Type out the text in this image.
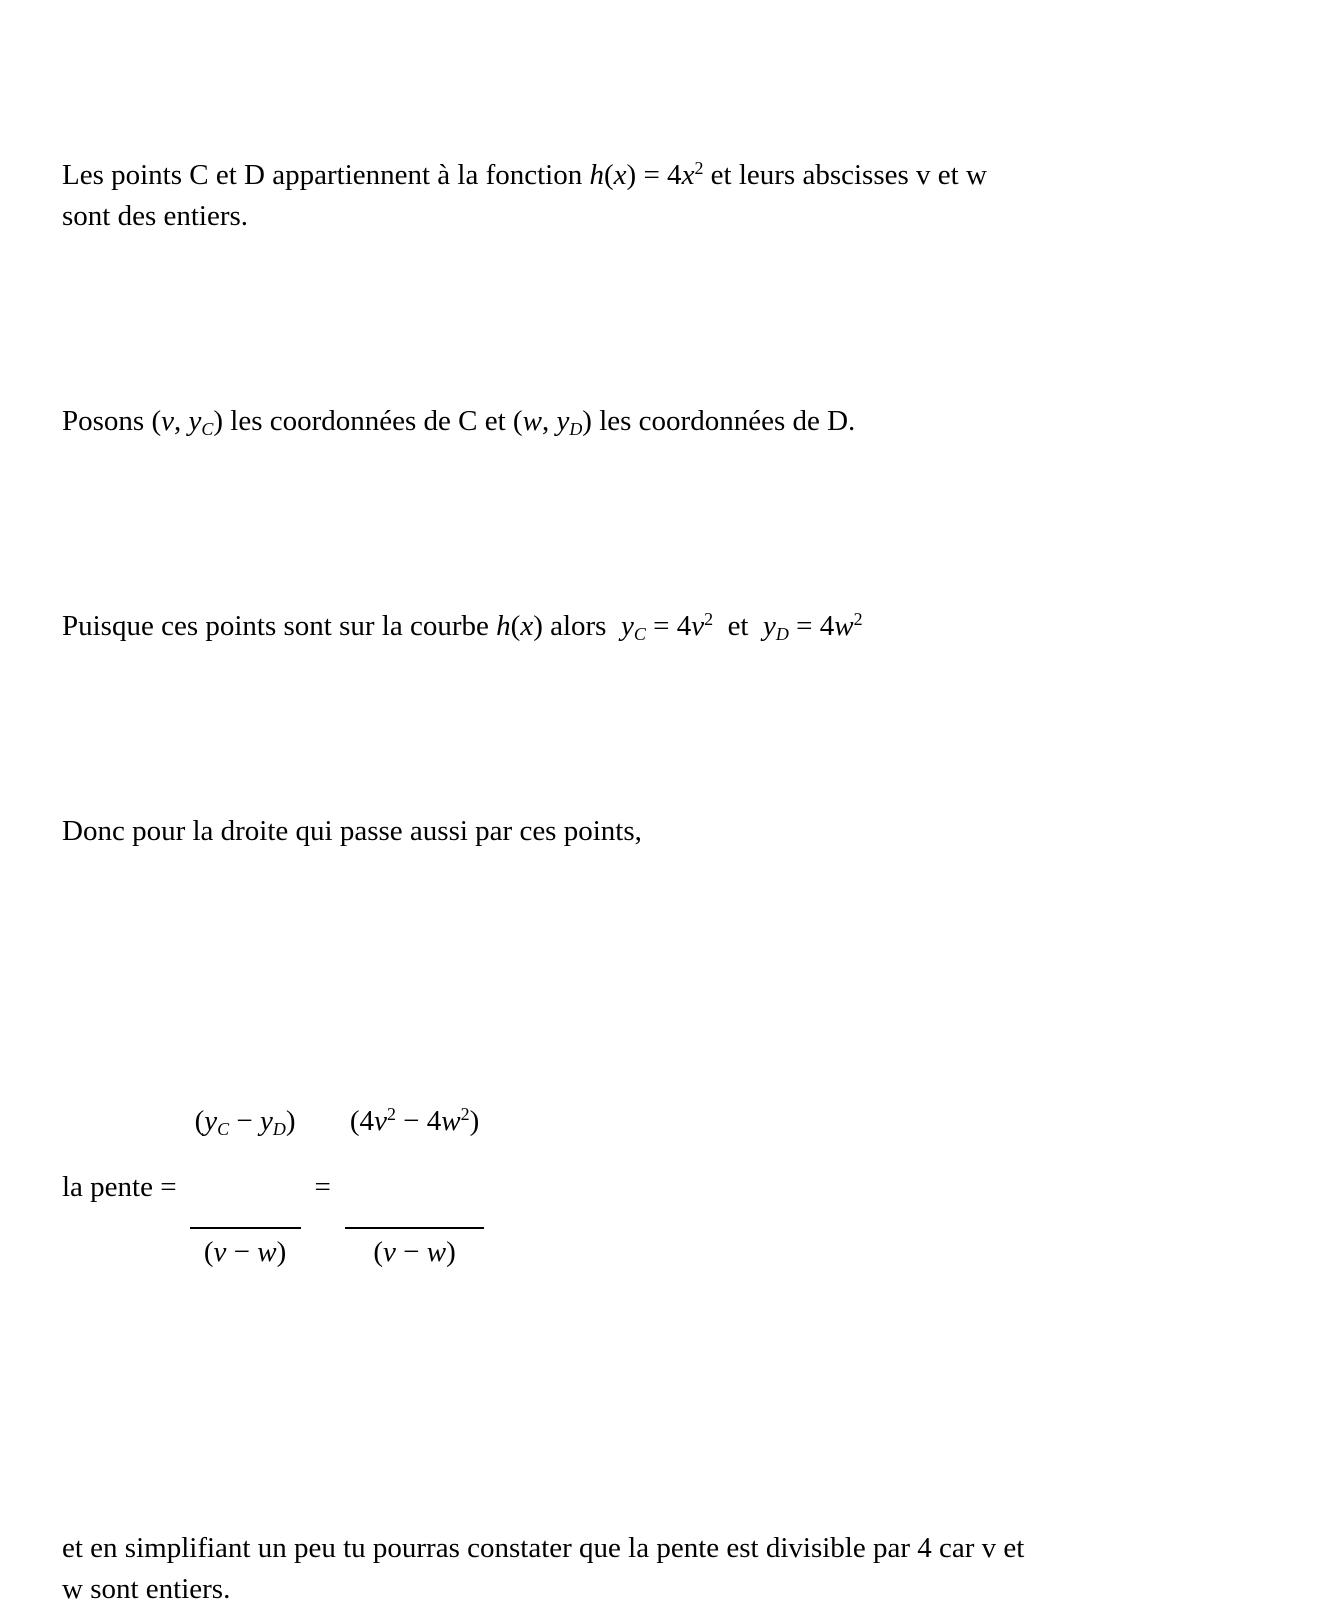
Les points C et D appartiennent à la fonction $h(x) = 4x^2$ et leurs abscisses v et w
sont des entiers.

Posons (v, yC) les coordonnées de C et (w, yD) les coordonnées de D.

Puisque ces points sont sur la courbe h(x) alors  yC = $4v^2$  et  yD = $4w^2$

Donc pour la droite qui passe aussi par ces points,

la pente =

$\frac{(yC - yD)}{(v - w)}$

=

$\frac{(4v^2 - 4w^2)}{(v - w)}$

et en simplifiant un peu tu pourras constater que la pente est divisible par 4 car v et
w sont entiers.
